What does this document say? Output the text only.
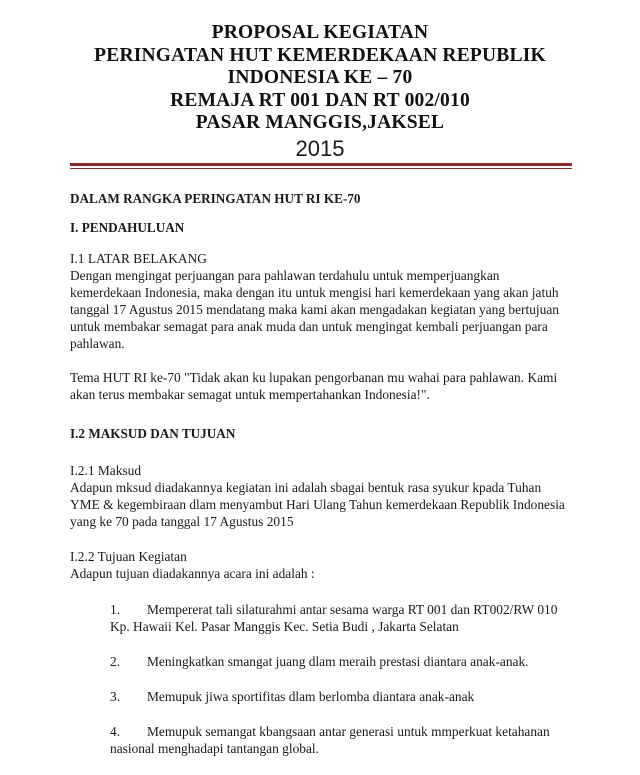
PROPOSAL KEGIATAN
PERINGATAN HUT KEMERDEKAAN REPUBLIK
INDONESIA KE – 70
REMAJA RT 001 DAN RT 002/010
PASAR MANGGIS,JAKSEL
2015
DALAM RANGKA PERINGATAN HUT RI KE-70
I. PENDAHULUAN
I.1 LATAR BELAKANG
Dengan mengingat perjuangan para pahlawan terdahulu untuk memperjuangkan
kemerdekaan Indonesia, maka dengan itu untuk mengisi hari kemerdekaan yang akan jatuh
tanggal 17 Agustus 2015 mendatang maka kami akan mengadakan kegiatan yang bertujuan
untuk membakar semagat para anak muda dan untuk mengingat kembali perjuangan para
pahlawan.
Tema HUT RI ke-70 "Tidak akan ku lupakan pengorbanan mu wahai para pahlawan. Kami
akan terus membakar semagat untuk mempertahankan Indonesia!".
I.2 MAKSUD DAN TUJUAN
I.2.1 Maksud
Adapun mksud diadakannya kegiatan ini adalah sbagai bentuk rasa syukur kpada Tuhan
YME & kegembiraan dlam menyambut Hari Ulang Tahun kemerdekaan Republik Indonesia
yang ke 70 pada tanggal 17 Agustus 2015
I.2.2 Tujuan Kegiatan
Adapun tujuan diadakannya acara ini adalah :
1. Mempererat tali silaturahmi antar sesama warga RT 001 dan RT002/RW 010
Kp. Hawaii Kel. Pasar Manggis Kec. Setia Budi , Jakarta Selatan
2. Meningkatkan smangat juang dlam meraih prestasi diantara anak-anak.
3. Memupuk jiwa sportifitas dlam berlomba diantara anak-anak
4. Memupuk semangat kbangsaan antar generasi untuk mmperkuat ketahanan
nasional menghadapi tantangan global.
